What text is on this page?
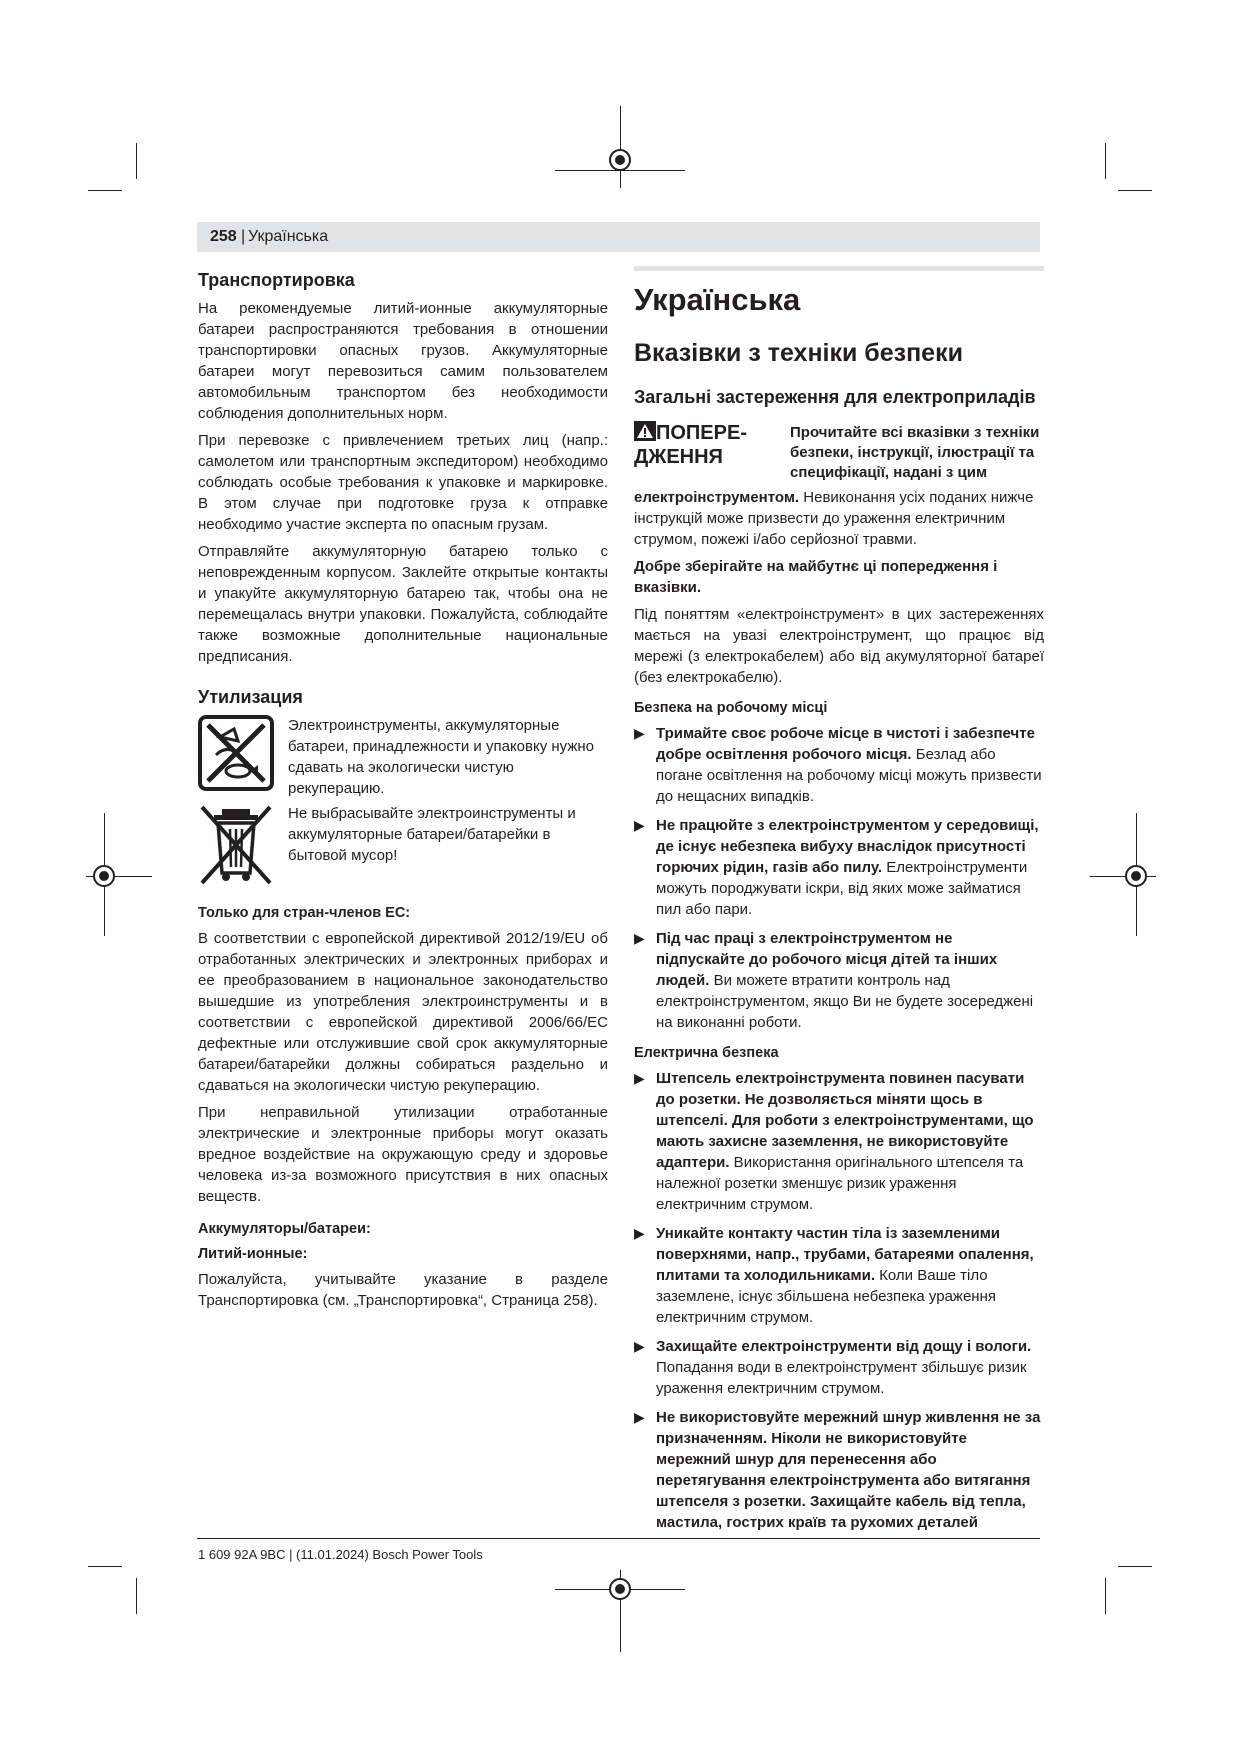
258 | Українська
Транспортировка

На рекомендуемые литий-ионные аккумуляторные батареи распространяются требования в отношении транспортировки опасных грузов. Аккумуляторные батареи могут перевозиться самим пользователем автомобильным транспортом без необходимости соблюдения дополнительных норм.

При перевозке с привлечением третьих лиц (напр.: самолетом или транспортным экспедитором) необходимо соблюдать особые требования к упаковке и маркировке. В этом случае при подготовке груза к отправке необходимо участие эксперта по опасным грузам.

Отправляйте аккумуляторную батарею только с неповрежденным корпусом. Заклейте открытые контакты и упакуйте аккумуляторную батарею так, чтобы она не перемещалась внутри упаковки. Пожалуйста, соблюдайте также возможные дополнительные национальные предписания.

Утилизация

Электроинструменты, аккумуляторные батареи, принадлежности и упаковку нужно сдавать на экологически чистую рекуперацию.

Не выбрасывайте электроинструменты и аккумуляторные батареи/батарейки в бытовой мусор!

Только для стран-членов ЕС:

В соответствии с европейской директивой 2012/19/EU об отработанных электрических и электронных приборах и ее преобразованием в национальное законодательство вышедшие из употребления электроинструменты и в соответствии с европейской директивой 2006/66/EC дефектные или отслужившие свой срок аккумуляторные батареи/батарейки должны собираться раздельно и сдаваться на экологически чистую рекуперацию.

При неправильной утилизации отработанные электрические и электронные приборы могут оказать вредное воздействие на окружающую среду и здоровье человека из-за возможного присутствия в них опасных веществ.

Аккумуляторы/батареи:
Литий-ионные:

Пожалуйста, учитывайте указание в разделе Транспортировка (см. „Транспортировка“, Страница 258).

Українська
Вказівки з техніки безпеки
Загальні застереження для електроприладів
ПОПЕРЕ-
ДЖЕННЯ
Прочитайте всі вказівки з техніки безпеки, інструкції, ілюстрації та специфікації, надані з цим

електроінструментом. Невиконання усіх поданих нижче інструкцій може призвести до ураження електричним струмом, пожежі і/або серйозної травми.

Добре зберігайте на майбутнє ці попередження і вказівки.

Під поняттям «електроінструмент» в цих застереженнях мається на увазі електроінструмент, що працює від мережі (з електрокабелем) або від акумуляторної батареї (без електрокабелю).

Безпека на робочому місці
▶ Тримайте своє робоче місце в чистоті і забезпечте добре освітлення робочого місця. Безлад або погане освітлення на робочому місці можуть призвести до нещасних випадків.
▶ Не працюйте з електроінструментом у середовищі, де існує небезпека вибуху внаслідок присутності горючих рідин, газів або пилу. Електроінструменти можуть породжувати іскри, від яких може займатися пил або пари.
▶ Під час праці з електроінструментом не підпускайте до робочого місця дітей та інших людей. Ви можете втратити контроль над електроінструментом, якщо Ви не будете зосереджені на виконанні роботи.
Електрична безпека
▶ Штепсель електроінструмента повинен пасувати до розетки. Не дозволяється міняти щось в штепселі. Для роботи з електроінструментами, що мають захисне заземлення, не використовуйте адаптери. Використання оригінального штепселя та належної розетки зменшує ризик ураження електричним струмом.
▶ Уникайте контакту частин тіла із заземленими поверхнями, напр., трубами, батареями опалення, плитами та холодильниками. Коли Ваше тіло заземлене, існує збільшена небезпека ураження електричним струмом.
▶ Захищайте електроінструменти від дощу і вологи. Попадання води в електроінструмент збільшує ризик ураження електричним струмом.
▶ Не використовуйте мережний шнур живлення не за призначенням. Ніколи не використовуйте мережний шнур для перенесення або перетягування електроінструмента або витягання штепселя з розетки. Захищайте кабель від тепла, мастила, гострих країв та рухомих деталей
1 609 92A 9BC | (11.01.2024) Bosch Power Tools
